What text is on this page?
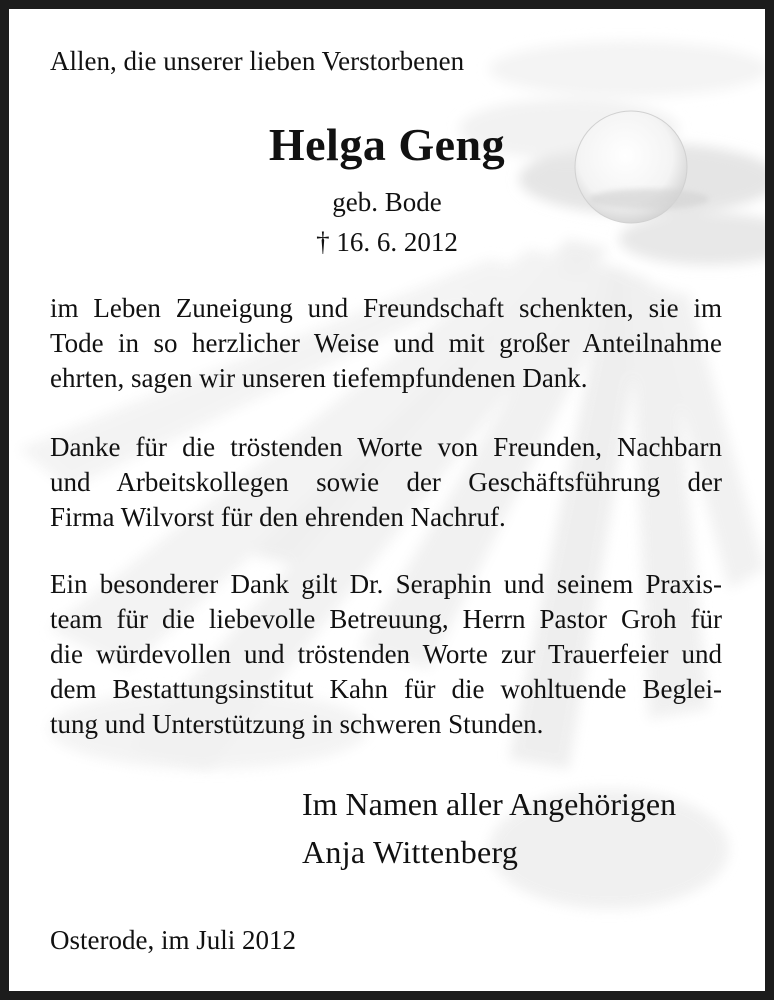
Allen, die unserer lieben Verstorbenen

Helga Geng

geb. Bode

† 16. 6. 2012

im Leben Zuneigung und Freundschaft schenkten, sie im
Tode in so herzlicher Weise und mit großer Anteilnahme
ehrten, sagen wir unseren tiefempfundenen Dank.
Danke für die tröstenden Worte von Freunden, Nachbarn
und Arbeitskollegen sowie der Geschäftsführung der
Firma Wilvorst für den ehrenden Nachruf.
Ein besonderer Dank gilt Dr. Seraphin und seinem Praxis-
team für die liebevolle Betreuung, Herrn Pastor Groh für
die würdevollen und tröstenden Worte zur Trauerfeier und
dem Bestattungsinstitut Kahn für die wohltuende Beglei-
tung und Unterstützung in schweren Stunden.

Im Namen aller Angehörigen

Anja Wittenberg

Osterode, im Juli 2012
